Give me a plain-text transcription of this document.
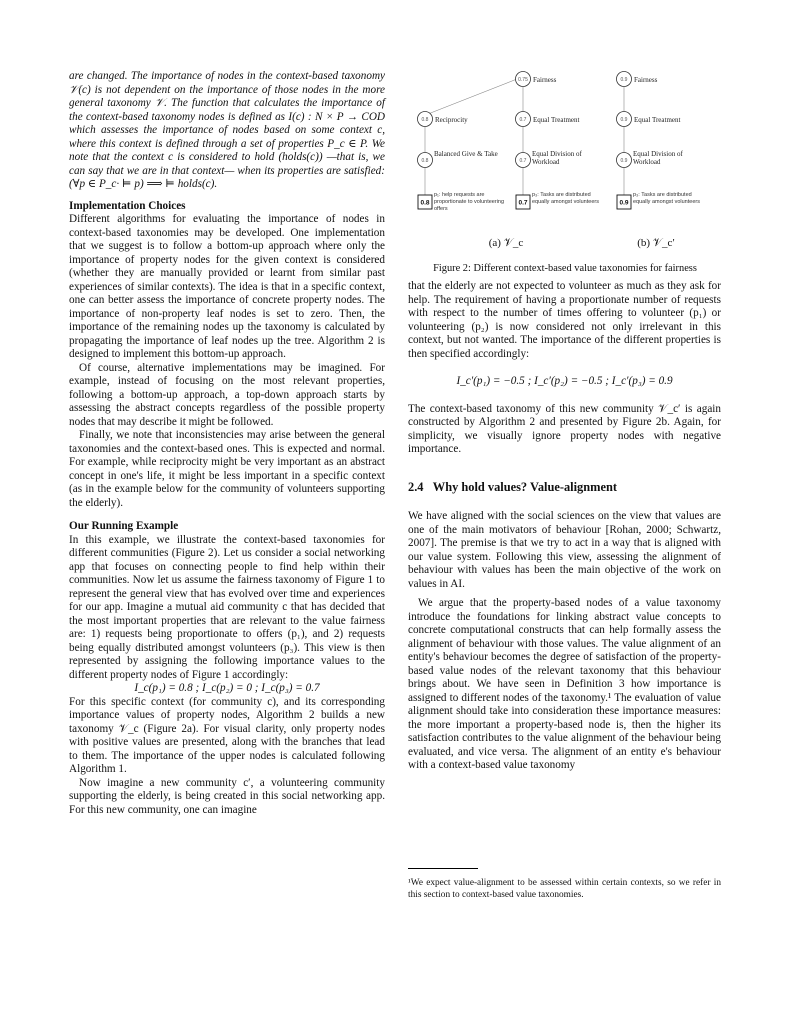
are changed. The importance of nodes in the context-based taxonomy 𝒱(c) is not dependent on the importance of those nodes in the more general taxonomy 𝒱. The function that calculates the importance of the context-based taxonomy nodes is defined as I(c) : N × P → COD which assesses the importance of nodes based on some context c, where this context is defined through a set of properties P_c ∈ P. We note that the context c is considered to hold (holds(c)) —that is, we can say that we are in that context— when its properties are satisfied: (∀p ∈ P_c· ⊨ p) ⟹ ⊨ holds(c).

Implementation Choices

Different algorithms for evaluating the importance of nodes in context-based taxonomies may be developed. One implementation that we suggest is to follow a bottom-up approach where only the importance of property nodes for the given context is considered (whether they are manually provided or learnt from similar past experiences of similar contexts). The idea is that in a specific context, one can better assess the importance of concrete property nodes. The importance of non-property leaf nodes is set to zero. Then, the importance of the remaining nodes up the taxonomy is calculated by propagating the importance of leaf nodes up the tree. Algorithm 2 is designed to implement this bottom-up approach.

Of course, alternative implementations may be imagined. For example, instead of focusing on the most relevant properties, following a bottom-up approach, a top-down approach starts by assessing the abstract concepts regardless of the possible property nodes that may describe it might be followed.

Finally, we note that inconsistencies may arise between the general taxonomies and the context-based ones. This is expected and normal. For example, while reciprocity might be very important as an abstract concept in one's life, it might be less important in a specific context (as in the example below for the community of volunteers supporting the elderly).

Our Running Example

In this example, we illustrate the context-based taxonomies for different communities (Figure 2). Let us consider a social networking app that focuses on connecting people to find help within their communities. Now let us assume the fairness taxonomy of Figure 1 to represent the general view that has evolved over time and experiences for our app. Imagine a mutual aid community c that has decided that the most important properties that are relevant to the value fairness are: 1) requests being proportionate to offers (p₁), and 2) requests being equally distributed amongst volunteers (p₃). This view is then represented by assigning the following importance values to the different property nodes of Figure 1 accordingly:

I_c(p₁) = 0.8 ; I_c(p₂) = 0 ; I_c(p₃) = 0.7

For this specific context (for community c), and its corresponding importance values of property nodes, Algorithm 2 builds a new taxonomy 𝒱_c (Figure 2a). For visual clarity, only property nodes with positive values are presented, along with the branches that lead to them. The importance of the upper nodes is calculated following Algorithm 1.

Now imagine a new community c′, a volunteering community supporting the elderly, is being created in this social networking app. For this new community, one can imagine

0.75 Fairness
0.8 Reciprocity	0.7 Equal Treatment
0.8
Balanced Give & Take
0.7
Equal Division of Workload
0.8
p₁: help requests are proportionate to volunteering offers
0.7
p₃: Tasks are distributed equally amongst volunteers
0.9 Fairness
0.9 Equal Treatment
0.9
Equal Division of Workload
0.9
p₃: Tasks are distributed equally amongst volunteers
(a) 𝒱_c	(b) 𝒱_c′
Figure 2: Different context-based value taxonomies for fairness

that the elderly are not expected to volunteer as much as they ask for help. The requirement of having a proportionate number of requests with respect to the number of times offering to volunteer (p₁) or volunteering (p₂) is now considered not only irrelevant in this context, but not wanted. The importance of the different properties is then specified accordingly:

I_c′(p₁) = −0.5 ; I_c′(p₂) = −0.5 ; I_c′(p₃) = 0.9

The context-based taxonomy of this new community 𝒱_c′ is again constructed by Algorithm 2 and presented by Figure 2b. Again, for simplicity, we visually ignore property nodes with negative importance.

2.4 Why hold values? Value-alignment

We have aligned with the social sciences on the view that values are one of the main motivators of behaviour [Rohan, 2000; Schwartz, 2007]. The premise is that we try to act in a way that is aligned with our value system. Following this view, assessing the alignment of behaviour with values has been the main objective of the work on values in AI.

We argue that the property-based nodes of a value taxonomy introduce the foundations for linking abstract value concepts to concrete computational constructs that can help formally assess the alignment of behaviour with those values. The value alignment of an entity's behaviour becomes the degree of satisfaction of the property-based value nodes of the relevant taxonomy that this behaviour brings about. We have seen in Definition 3 how importance is assigned to different nodes of the taxonomy.¹ The evaluation of value alignment should take into consideration these importance measures: the more important a property-based node is, then the higher its satisfaction contributes to the value alignment of the behaviour being evaluated, and vice versa. The alignment of an entity e's behaviour with a context-based value taxonomy

¹We expect value-alignment to be assessed within certain contexts, so we refer in this section to context-based value taxonomies.
